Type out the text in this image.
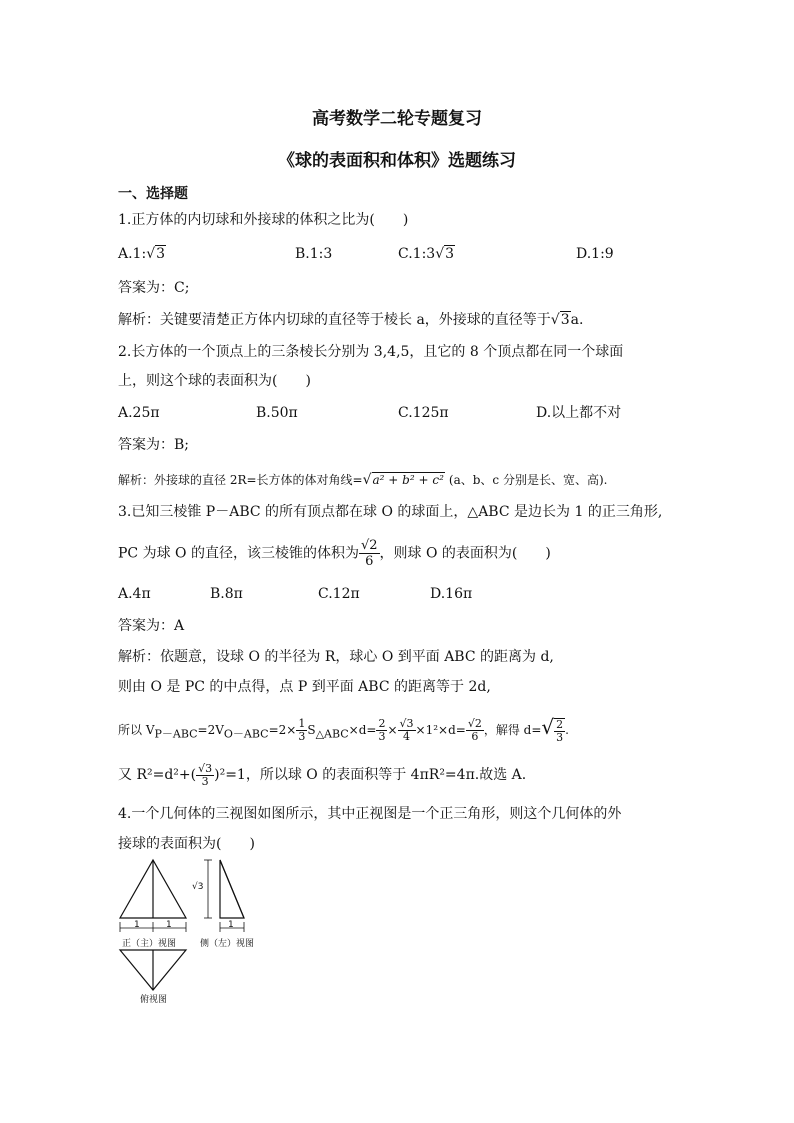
高考数学二轮专题复习
《球的表面积和体积》选题练习
一、选择题
1.正方体的内切球和外接球的体积之比为(　　)
A.1:√3	B.1:3	C.1:3√3	D.1:9
答案为：C;
解析：关键要清楚正方体内切球的直径等于棱长 a，外接球的直径等于√3a.
2.长方体的一个顶点上的三条棱长分别为 3,4,5，且它的 8 个顶点都在同一个球面
上，则这个球的表面积为(　　)
A.25π	B.50π	C.125π	D.以上都不对
答案为：B;
解析：外接球的直径 2R=长方体的体对角线=√a² + b² + c² (a、b、c 分别是长、宽、高).
3.已知三棱锥 P－ABC 的所有顶点都在球 O 的球面上，△ABC 是边长为 1 的正三角形,
PC 为球 O 的直径，该三棱锥的体积为 $\frac{√2}{6}$ ，则球 O 的表面积为(　　)
A.4π	B.8π	C.12π	D.16π
答案为：A
解析：依题意，设球 O 的半径为 R，球心 O 到平面 ABC 的距离为 d,
则由 O 是 PC 的中点得，点 P 到平面 ABC 的距离等于 2d,
所以 $V_{P-ABC}=2V_{O-ABC}=2\times \frac{1}{3} S_{\triangle ABC}\times d= \frac{2}{3} \times \frac{√3}{4} \times 1^2\times d= \frac{√2}{6}$ ，解得 $d=√ \frac{2}{3}$ .
又 $R^2=d^2+( \frac{√3}{3} )^2=1$，所以球 O 的表面积等于 4πR²=4π.故选 A.
4.一个几何体的三视图如图所示，其中正视图是一个正三角形，则这个几何体的外
接球的表面积为(　　)
1	1	1
√3
正（主）视图	侧（左）视图
俯视图
